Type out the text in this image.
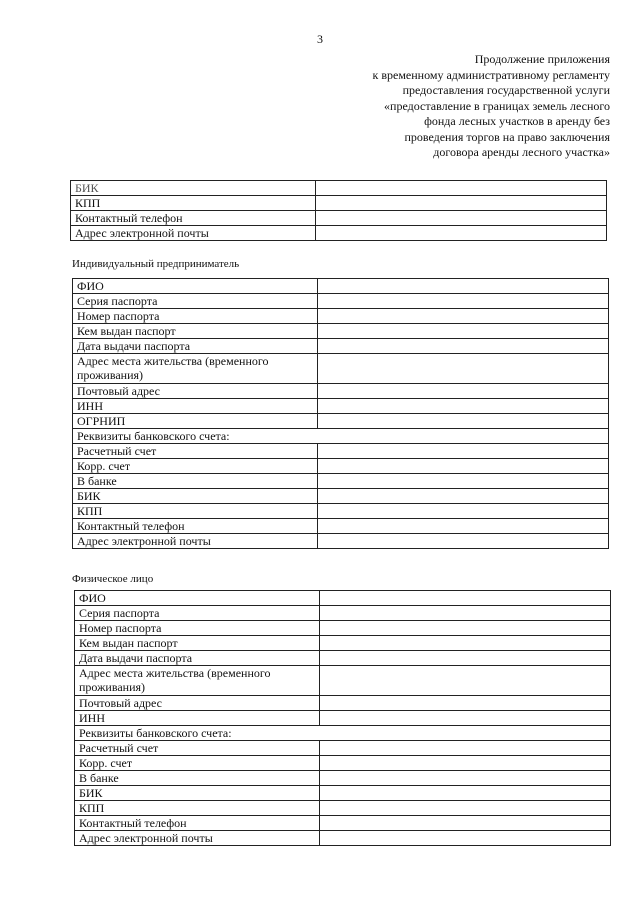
3
Продолжение приложения
к временному административному регламенту
предоставления государственной услуги
«предоставление в границах земель лесного
фонда лесных участков в аренду без
проведения торгов на право заключения
договора аренды лесного участка»
БИК	
КПП	
Контактный телефон	
Адрес электронной почты	
Индивидуальный предприниматель
ФИО	
Серия паспорта	
Номер паспорта	
Кем выдан паспорт	
Дата выдачи паспорта	
Адрес места жительства (временного проживания)	
Почтовый адрес	
ИНН	
ОГРНИП	
Реквизиты банковского счета:	
Расчетный счет	
Корр. счет	
В банке	
БИК	
КПП	
Контактный телефон	
Адрес электронной почты	
Физическое лицо
ФИО	
Серия паспорта	
Номер паспорта	
Кем выдан паспорт	
Дата выдачи паспорта	
Адрес места жительства (временного проживания)	
Почтовый адрес	
ИНН	
Реквизиты банковского счета:	
Расчетный счет	
Корр. счет	
В банке	
БИК	
КПП	
Контактный телефон	
Адрес электронной почты	
